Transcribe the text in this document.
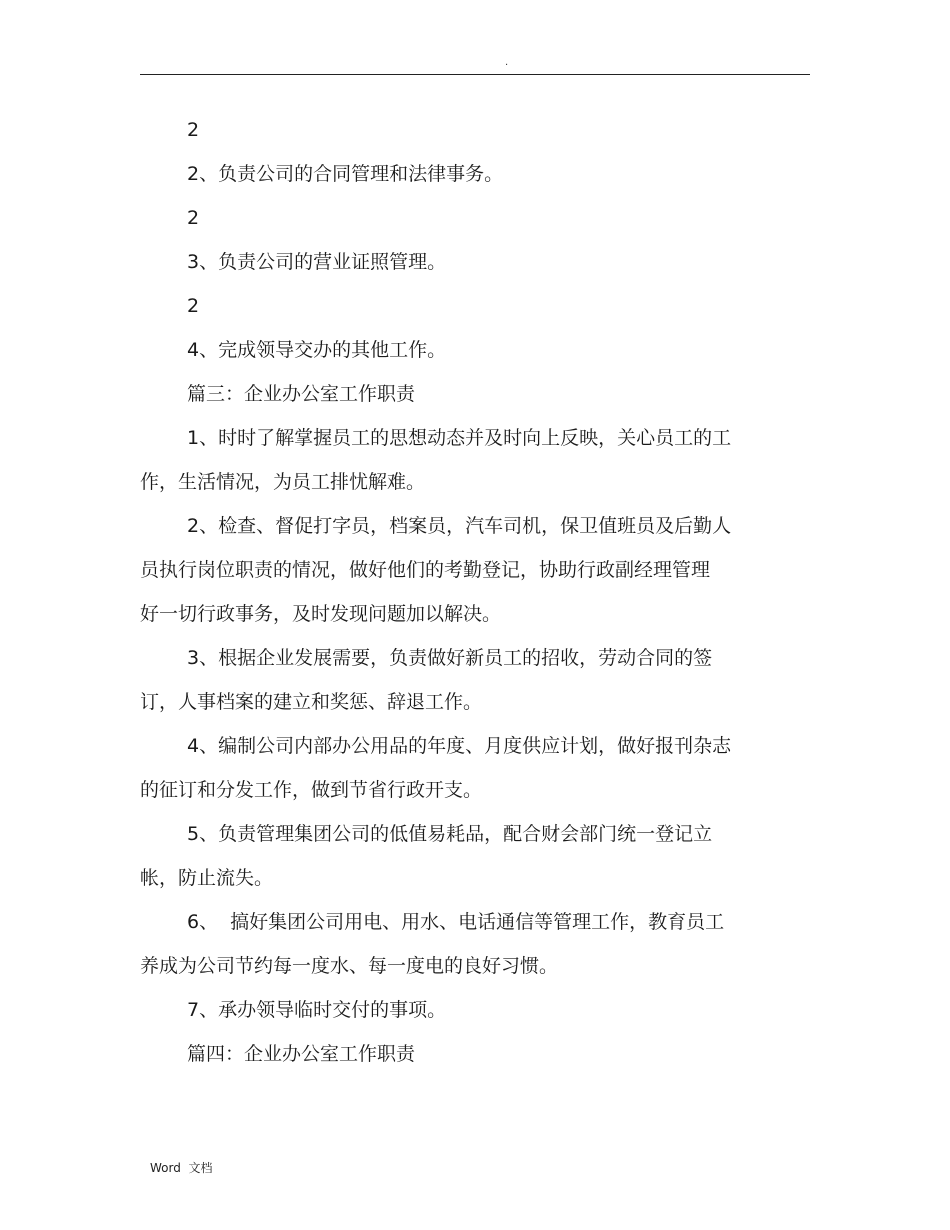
.
2
2、负责公司的合同管理和法律事务。
2
3、负责公司的营业证照管理。
2
4、完成领导交办的其他工作。
篇三：企业办公室工作职责
1、时时了解掌握员工的思想动态并及时向上反映，关心员工的工
作，生活情况，为员工排忧解难。
2、检查、督促打字员，档案员，汽车司机，保卫值班员及后勤人
员执行岗位职责的情况，做好他们的考勤登记，协助行政副经理管理
好一切行政事务，及时发现问题加以解决。
3、根据企业发展需要，负责做好新员工的招收，劳动合同的签
订，人事档案的建立和奖惩、辞退工作。
4、编制公司内部办公用品的年度、月度供应计划，做好报刊杂志
的征订和分发工作，做到节省行政开支。
5、负责管理集团公司的低值易耗品，配合财会部门统一登记立
帐，防止流失。
6、  搞好集团公司用电、用水、电话通信等管理工作，教育员工
养成为公司节约每一度水、每一度电的良好习惯。
7、承办领导临时交付的事项。
篇四：企业办公室工作职责
Word  文档
